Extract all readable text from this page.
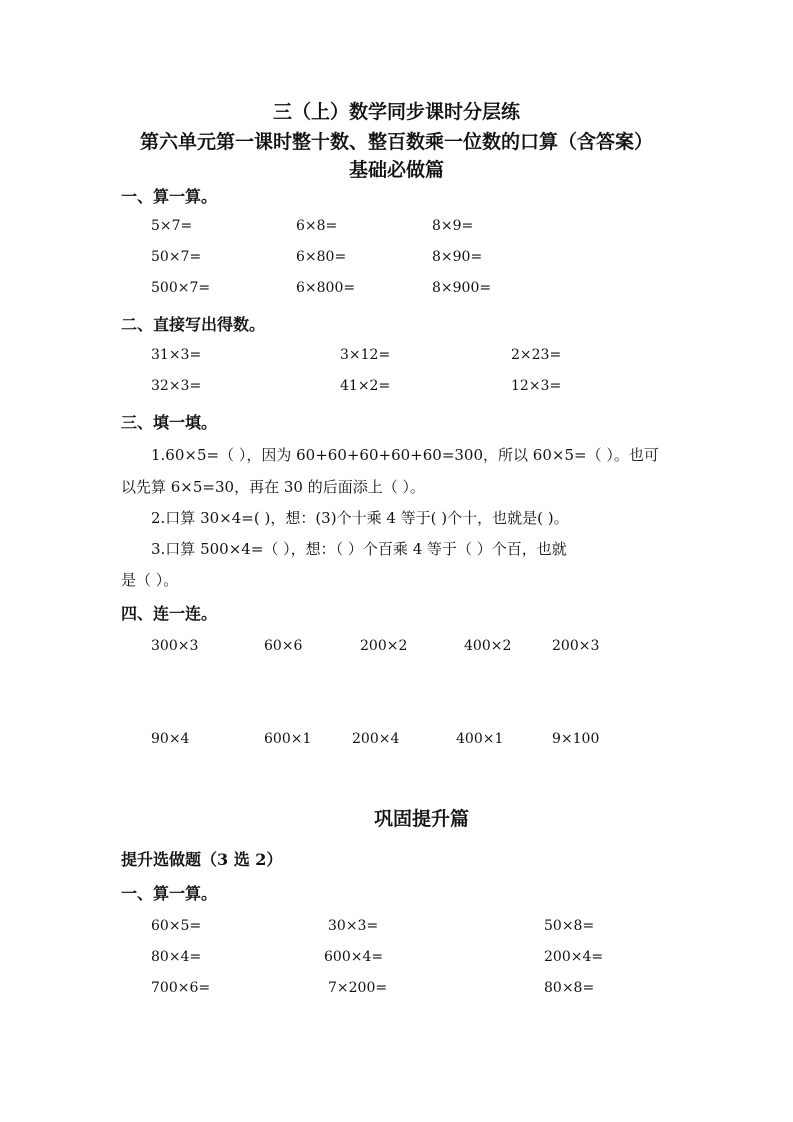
三（上）数学同步课时分层练
第六单元第一课时整十数、整百数乘一位数的口算（含答案）
基础必做篇
一、算一算。
5×7=	6×8=	8×9=
50×7=	6×80=	8×90=
500×7=	6×800=	8×900=
二、直接写出得数。
31×3=	3×12=	2×23=
32×3=	41×2=	12×3=
三、填一填。
1.60×5=（ ），因为 60+60+60+60+60=300，所以 60×5=（ ）。也可
以先算 6×5=30，再在 30 的后面添上（ ）。
2.口算 30×4=( )，想：(3)个十乘 4 等于( )个十，也就是( )。
3.口算 500×4=（ ），想：（ ）个百乘 4 等于（ ）个百，也就
是（ ）。
四、连一连。
300×3	60×6	200×2	400×2	200×3
90×4	600×1	200×4	400×1	9×100
巩固提升篇
提升选做题（3 选 2）
一、算一算。
60×5=	30×3=	50×8=
80×4=	600×4=	200×4=
700×6=	7×200=	80×8=
